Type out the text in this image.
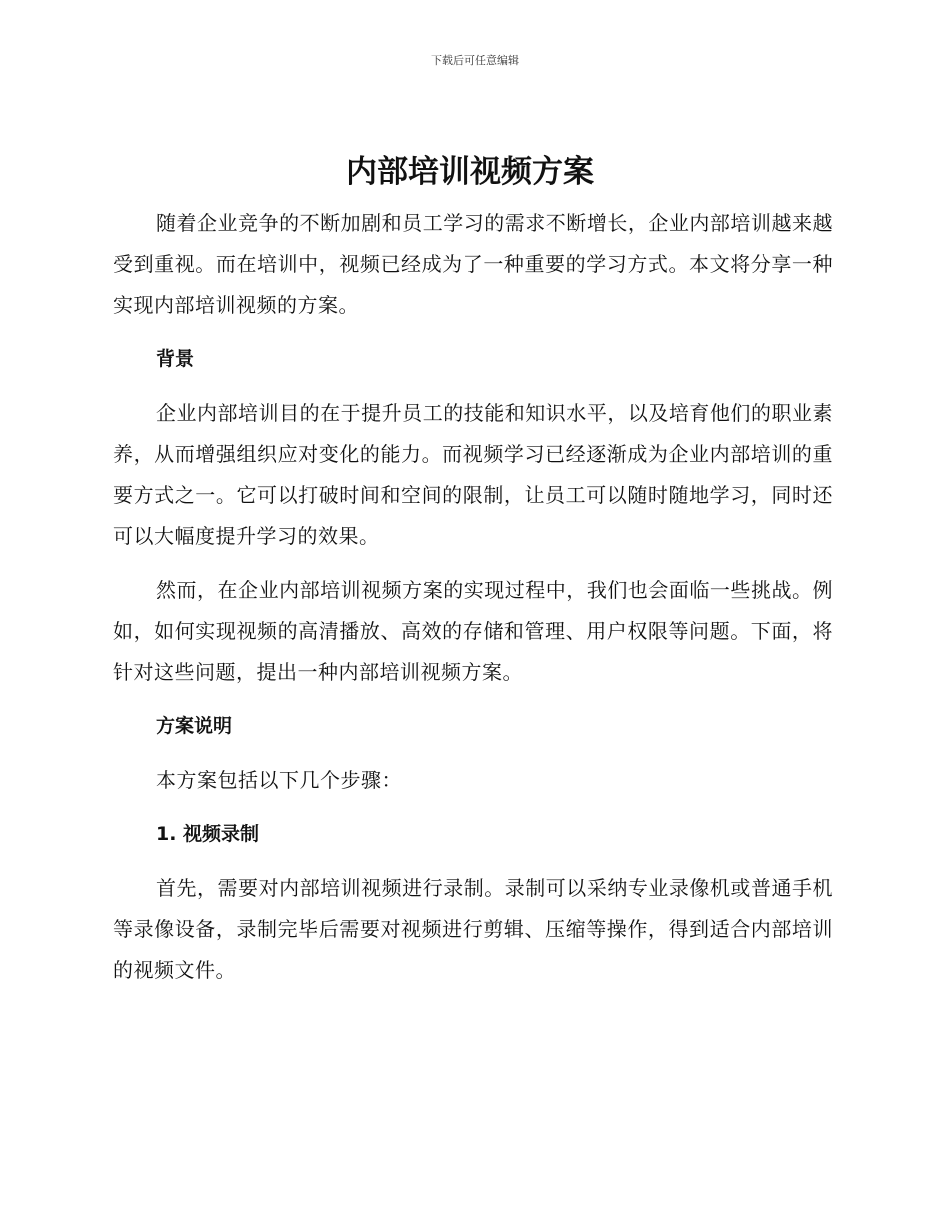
下载后可任意编辑
内部培训视频方案

随着企业竞争的不断加剧和员工学习的需求不断增长，企业内部培训越来越受到重视。而在培训中，视频已经成为了一种重要的学习方式。本文将分享一种实现内部培训视频的方案。

背景

企业内部培训目的在于提升员工的技能和知识水平，以及培育他们的职业素养，从而增强组织应对变化的能力。而视频学习已经逐渐成为企业内部培训的重要方式之一。它可以打破时间和空间的限制，让员工可以随时随地学习，同时还可以大幅度提升学习的效果。

然而，在企业内部培训视频方案的实现过程中，我们也会面临一些挑战。例如，如何实现视频的高清播放、高效的存储和管理、用户权限等问题。下面，将针对这些问题，提出一种内部培训视频方案。

方案说明

本方案包括以下几个步骤：

1. 视频录制

首先，需要对内部培训视频进行录制。录制可以采纳专业录像机或普通手机等录像设备，录制完毕后需要对视频进行剪辑、压缩等操作，得到适合内部培训的视频文件。
